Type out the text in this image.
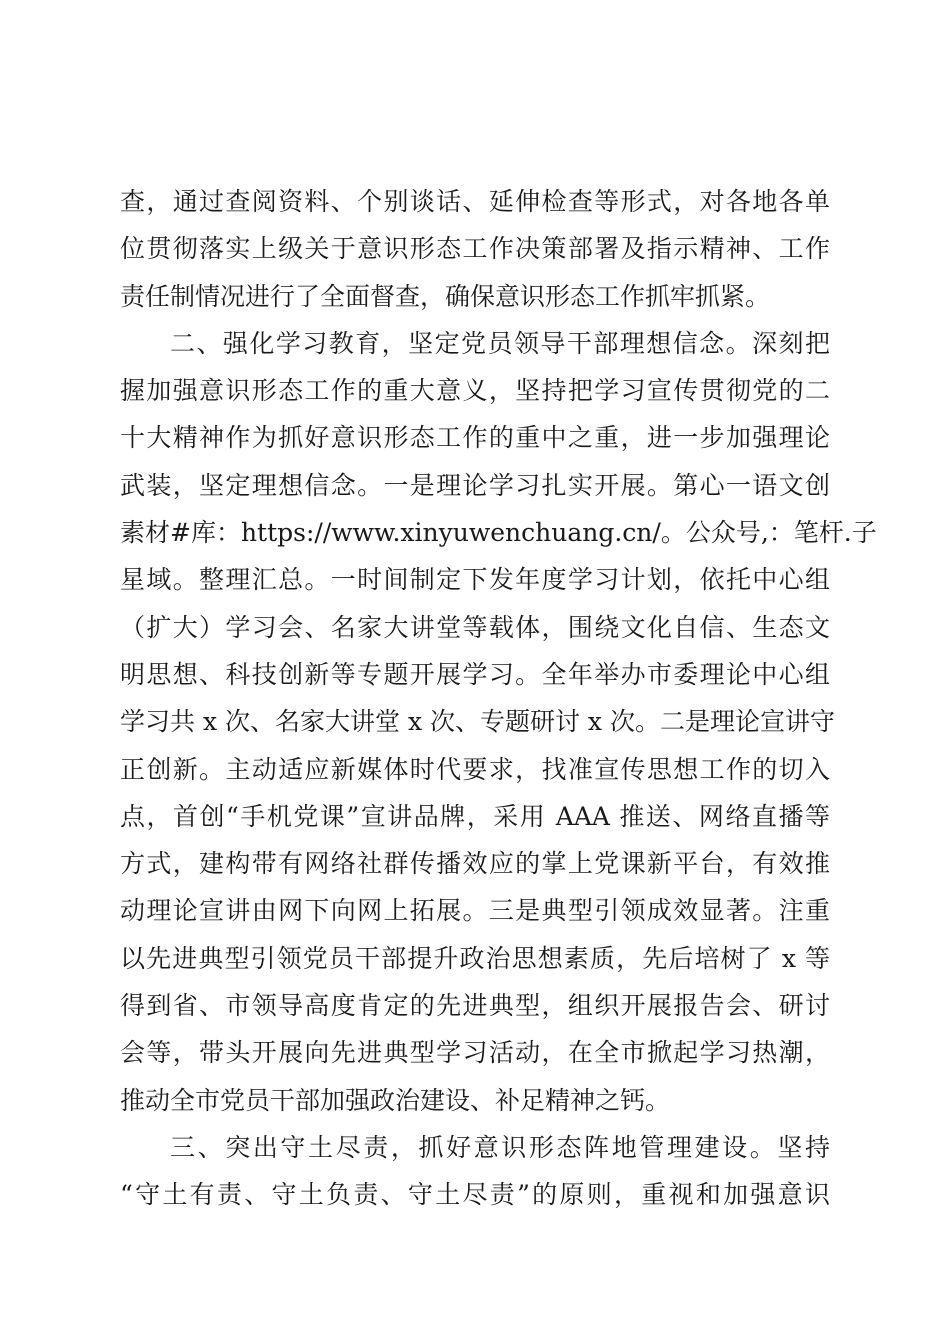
查，通过查阅资料、个别谈话、延伸检查等形式，对各地各单
位贯彻落实上级关于意识形态工作决策部署及指示精神、工作
责任制情况进行了全面督查，确保意识形态工作抓牢抓紧。
二、强化学习教育，坚定党员领导干部理想信念。深刻把
握加强意识形态工作的重大意义，坚持把学习宣传贯彻党的二
十大精神作为抓好意识形态工作的重中之重，进一步加强理论
武装，坚定理想信念。一是理论学习扎实开展。第心一语文创
素材#库：https://www.xinyuwenchuang.cn/。公众号,：笔杆.子
星域。整理汇总。一时间制定下发年度学习计划，依托中心组
（扩大）学习会、名家大讲堂等载体，围绕文化自信、生态文
明思想、科技创新等专题开展学习。全年举办市委理论中心组
学习共 x 次、名家大讲堂 x 次、专题研讨 x 次。二是理论宣讲守
正创新。主动适应新媒体时代要求，找准宣传思想工作的切入
点，首创“手机党课”宣讲品牌，采用 AAA 推送、网络直播等
方式，建构带有网络社群传播效应的掌上党课新平台，有效推
动理论宣讲由网下向网上拓展。三是典型引领成效显著。注重
以先进典型引领党员干部提升政治思想素质，先后培树了 x 等
得到省、市领导高度肯定的先进典型，组织开展报告会、研讨
会等，带头开展向先进典型学习活动，在全市掀起学习热潮，
推动全市党员干部加强政治建设、补足精神之钙。
三、突出守土尽责，抓好意识形态阵地管理建设。坚持
“守土有责、守土负责、守土尽责”的原则，重视和加强意识
